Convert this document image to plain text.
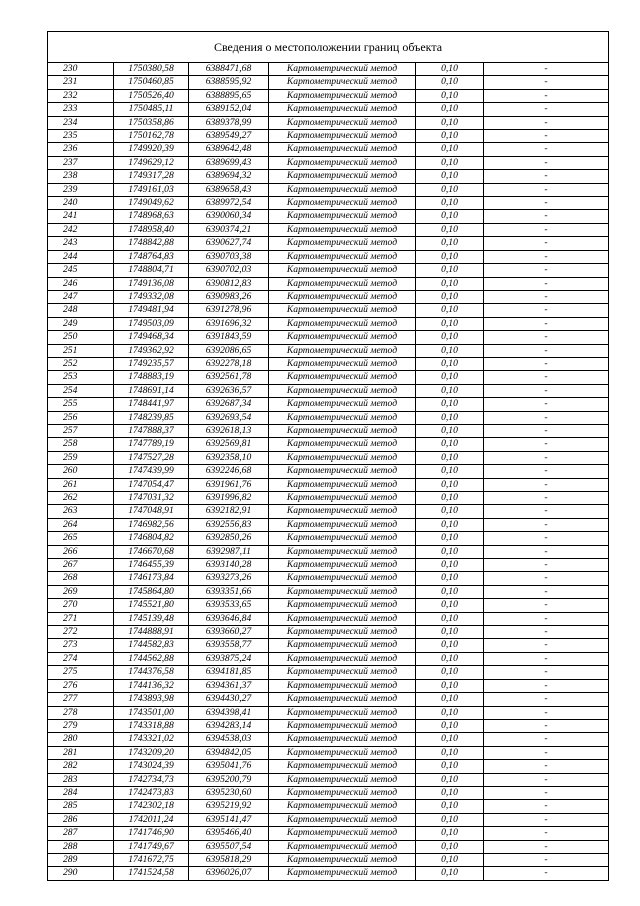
Сведения о местоположении границ объекта
230	1750380,58	6388471,68	Картометрический метод	0,10	-
231	1750460,85	6388595,92	Картометрический метод	0,10	-
232	1750526,40	6388895,65	Картометрический метод	0,10	-
233	1750485,11	6389152,04	Картометрический метод	0,10	-
234	1750358,86	6389378,99	Картометрический метод	0,10	-
235	1750162,78	6389549,27	Картометрический метод	0,10	-
236	1749920,39	6389642,48	Картометрический метод	0,10	-
237	1749629,12	6389699,43	Картометрический метод	0,10	-
238	1749317,28	6389694,32	Картометрический метод	0,10	-
239	1749161,03	6389658,43	Картометрический метод	0,10	-
240	1749049,62	6389972,54	Картометрический метод	0,10	-
241	1748968,63	6390060,34	Картометрический метод	0,10	-
242	1748958,40	6390374,21	Картометрический метод	0,10	-
243	1748842,88	6390627,74	Картометрический метод	0,10	-
244	1748764,83	6390703,38	Картометрический метод	0,10	-
245	1748804,71	6390702,03	Картометрический метод	0,10	-
246	1749136,08	6390812,83	Картометрический метод	0,10	-
247	1749332,08	6390983,26	Картометрический метод	0,10	-
248	1749481,94	6391278,96	Картометрический метод	0,10	-
249	1749503,09	6391696,32	Картометрический метод	0,10	-
250	1749468,34	6391843,59	Картометрический метод	0,10	-
251	1749362,92	6392086,65	Картометрический метод	0,10	-
252	1749235,57	6392278,18	Картометрический метод	0,10	-
253	1748883,19	6392561,78	Картометрический метод	0,10	-
254	1748691,14	6392636,57	Картометрический метод	0,10	-
255	1748441,97	6392687,34	Картометрический метод	0,10	-
256	1748239,85	6392693,54	Картометрический метод	0,10	-
257	1747888,37	6392618,13	Картометрический метод	0,10	-
258	1747789,19	6392569,81	Картометрический метод	0,10	-
259	1747527,28	6392358,10	Картометрический метод	0,10	-
260	1747439,99	6392246,68	Картометрический метод	0,10	-
261	1747054,47	6391961,76	Картометрический метод	0,10	-
262	1747031,32	6391996,82	Картометрический метод	0,10	-
263	1747048,91	6392182,91	Картометрический метод	0,10	-
264	1746982,56	6392556,83	Картометрический метод	0,10	-
265	1746804,82	6392850,26	Картометрический метод	0,10	-
266	1746670,68	6392987,11	Картометрический метод	0,10	-
267	1746455,39	6393140,28	Картометрический метод	0,10	-
268	1746173,84	6393273,26	Картометрический метод	0,10	-
269	1745864,80	6393351,66	Картометрический метод	0,10	-
270	1745521,80	6393533,65	Картометрический метод	0,10	-
271	1745139,48	6393646,84	Картометрический метод	0,10	-
272	1744888,91	6393660,27	Картометрический метод	0,10	-
273	1744582,83	6393558,77	Картометрический метод	0,10	-
274	1744562,88	6393875,24	Картометрический метод	0,10	-
275	1744376,58	6394181,85	Картометрический метод	0,10	-
276	1744136,32	6394361,37	Картометрический метод	0,10	-
277	1743893,98	6394430,27	Картометрический метод	0,10	-
278	1743501,00	6394398,41	Картометрический метод	0,10	-
279	1743318,88	6394283,14	Картометрический метод	0,10	-
280	1743321,02	6394538,03	Картометрический метод	0,10	-
281	1743209,20	6394842,05	Картометрический метод	0,10	-
282	1743024,39	6395041,76	Картометрический метод	0,10	-
283	1742734,73	6395200,79	Картометрический метод	0,10	-
284	1742473,83	6395230,60	Картометрический метод	0,10	-
285	1742302,18	6395219,92	Картометрический метод	0,10	-
286	1742011,24	6395141,47	Картометрический метод	0,10	-
287	1741746,90	6395466,40	Картометрический метод	0,10	-
288	1741749,67	6395507,54	Картометрический метод	0,10	-
289	1741672,75	6395818,29	Картометрический метод	0,10	-
290	1741524,58	6396026,07	Картометрический метод	0,10	-
